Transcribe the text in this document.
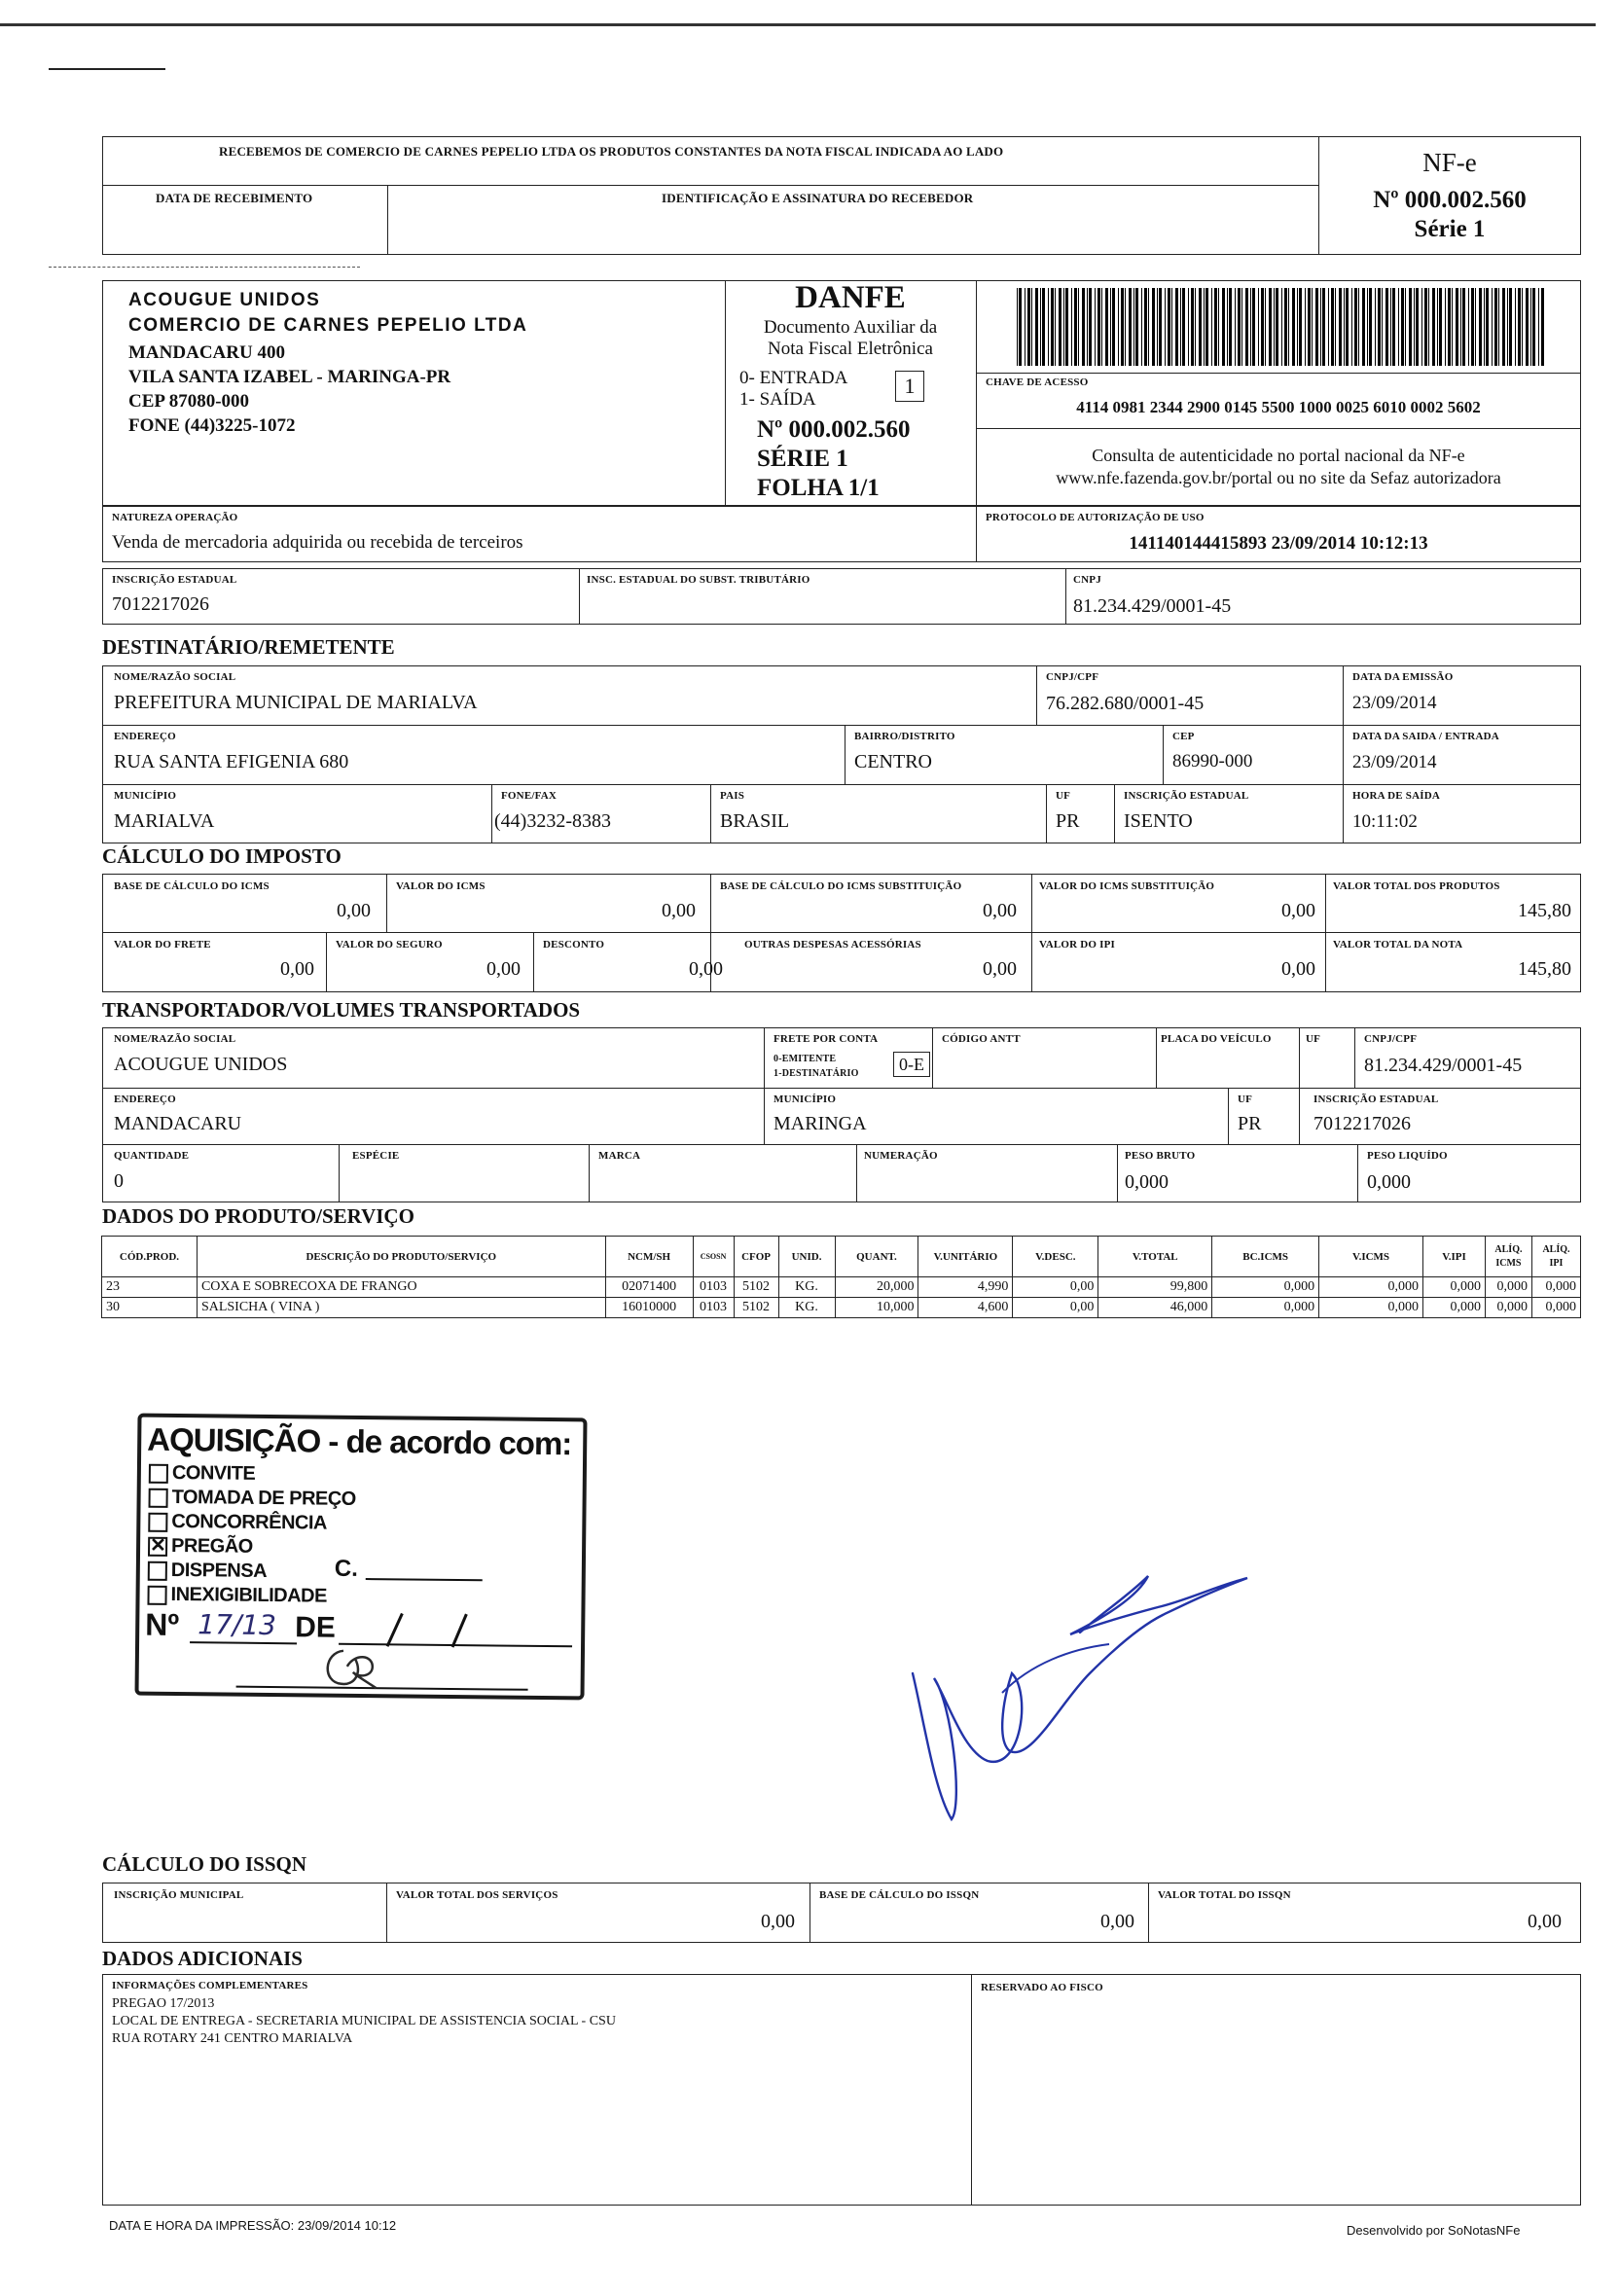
RECEBEMOS DE COMERCIO DE CARNES PEPELIO LTDA OS PRODUTOS CONSTANTES DA NOTA FISCAL INDICADA AO LADO
DATA DE RECEBIMENTO	IDENTIFICAÇÃO E ASSINATURA DO RECEBEDOR
NF-e
Nº 000.002.560
Série 1
ACOUGUE UNIDOS
COMERCIO DE CARNES PEPELIO LTDA
MANDACARU 400
VILA SANTA IZABEL - MARINGA-PR
CEP 87080-000
FONE (44)3225-1072
DANFE
Documento Auxiliar da
Nota Fiscal Eletrônica
0- ENTRADA
1- SAÍDA
1
Nº 000.002.560
SÉRIE 1
FOLHA 1/1
CHAVE DE ACESSO
4114 0981 2344 2900 0145 5500 1000 0025 6010 0002 5602
Consulta de autenticidade no portal nacional da NF-e
www.nfe.fazenda.gov.br/portal ou no site da Sefaz autorizadora
NATUREZA OPERAÇÃO
Venda de mercadoria adquirida ou recebida de terceiros
PROTOCOLO DE AUTORIZAÇÃO DE USO
141140144415893 23/09/2014 10:12:13
INSCRIÇÃO ESTADUAL
7012217026
INSC. ESTADUAL DO SUBST. TRIBUTÁRIO	CNPJ
81.234.429/0001-45
DESTINATÁRIO/REMETENTE
NOME/RAZÃO SOCIAL
PREFEITURA MUNICIPAL DE MARIALVA
CNPJ/CPF
76.282.680/0001-45
DATA DA EMISSÃO
23/09/2014
ENDEREÇO
RUA SANTA EFIGENIA 680
BAIRRO/DISTRITO
CENTRO
CEP
86990-000
DATA DA SAIDA / ENTRADA
23/09/2014
MUNICÍPIO
MARIALVA
FONE/FAX
(44)3232-8383
PAIS
BRASIL
UF
PR
INSCRIÇÃO ESTADUAL
ISENTO
HORA DE SAÍDA
10:11:02
CÁLCULO DO IMPOSTO
BASE DE CÁLCULO DO ICMS
0,00
VALOR DO ICMS
0,00
BASE DE CÁLCULO DO ICMS SUBSTITUIÇÃO
0,00
VALOR DO ICMS SUBSTITUIÇÃO
0,00
VALOR TOTAL DOS PRODUTOS
145,80
VALOR DO FRETE
0,00
VALOR DO SEGURO
0,00
DESCONTO
0,00
OUTRAS DESPESAS ACESSÓRIAS
0,00
VALOR DO IPI
0,00
VALOR TOTAL DA NOTA
145,80
TRANSPORTADOR/VOLUMES TRANSPORTADOS
NOME/RAZÃO SOCIAL
ACOUGUE UNIDOS
FRETE POR CONTA
0-EMITENTE
1-DESTINATÁRIO	0-E
CÓDIGO ANTT	PLACA DO VEÍCULO	UF	CNPJ/CPF
81.234.429/0001-45
ENDEREÇO
MANDACARU
MUNICÍPIO
MARINGA
UF
PR
INSCRIÇÃO ESTADUAL
7012217026
QUANTIDADE
0
ESPÉCIE	MARCA	NUMERAÇÃO	PESO BRUTO
0,000
PESO LIQUÍDO
0,000
DADOS DO PRODUTO/SERVIÇO
CÓD.PROD.	DESCRIÇÃO DO PRODUTO/SERVIÇO	NCM/SH	CSOSN	CFOP	UNID.	QUANT.	V.UNITÁRIO	V.DESC.	V.TOTAL	BC.ICMS	V.ICMS	V.IPI	ALÍQ. ICMS	ALÍQ. IPI
23	COXA E SOBRECOXA DE FRANGO	02071400	0103	5102	KG.	20,000	4,990	0,00	99,800	0,000	0,000	0,000	0,000	0,000
30	SALSICHA ( VINA )	16010000	0103	5102	KG.	10,000	4,600	0,00	46,000	0,000	0,000	0,000	0,000	0,000
AQUISIÇÃO - de acordo com:
CONVITE
TOMADA DE PREÇO
CONCORRÊNCIA
✕ PREGÃO
DISPENSA
INEXIGIBILIDADE
C.
Nº 17/13 DE
CÁLCULO DO ISSQN
INSCRIÇÃO MUNICIPAL	VALOR TOTAL DOS SERVIÇOS
0,00
BASE DE CÁLCULO DO ISSQN
0,00
VALOR TOTAL DO ISSQN
0,00
DADOS ADICIONAIS
INFORMAÇÕES COMPLEMENTARES
PREGAO 17/2013
LOCAL DE ENTREGA - SECRETARIA MUNICIPAL DE ASSISTENCIA SOCIAL - CSU
RUA ROTARY 241 CENTRO MARIALVA
RESERVADO AO FISCO
DATA E HORA DA IMPRESSÃO: 23/09/2014 10:12	Desenvolvido por SoNotasNFe
